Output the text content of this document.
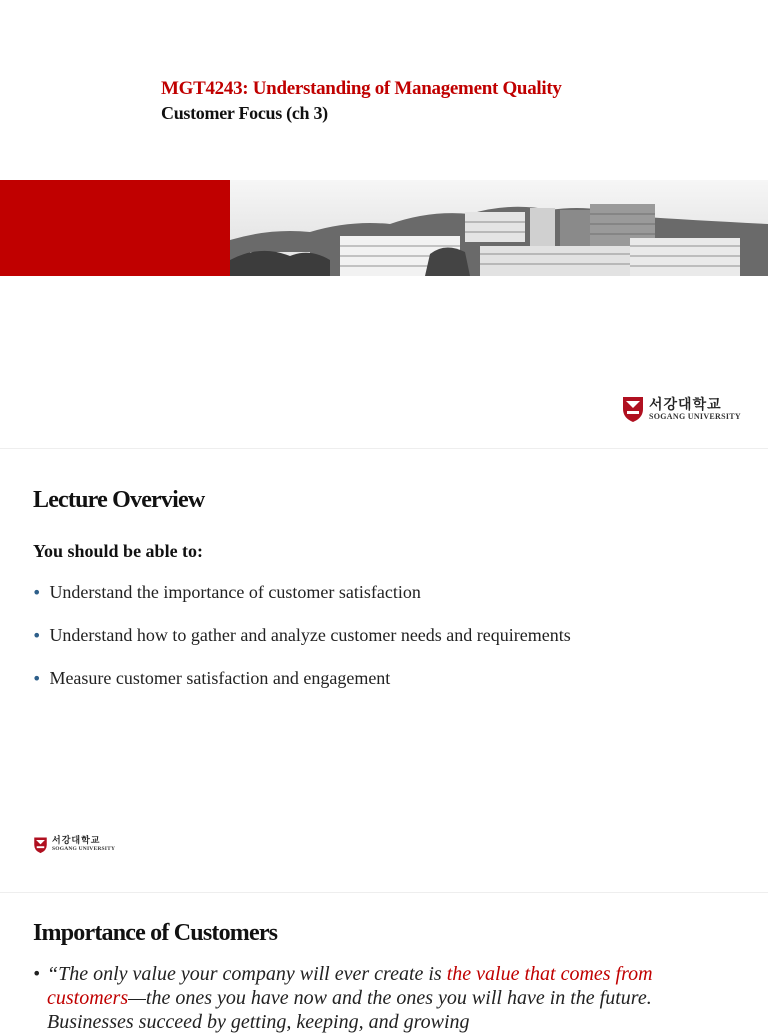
MGT4243: Understanding of Management Quality
Customer Focus (ch 3)
서강대학교
SOGANG UNIVERSITY
Lecture Overview
You should be able to:
• Understand the importance of customer satisfaction
• Understand how to gather and analyze customer needs and requirements
• Measure customer satisfaction and engagement
서강대학교
SOGANG UNIVERSITY
Importance of Customers
• “The only value your company will ever create is the value that comes from customers—the ones you have now and the ones you will have in the future. Businesses succeed by getting, keeping, and growing
